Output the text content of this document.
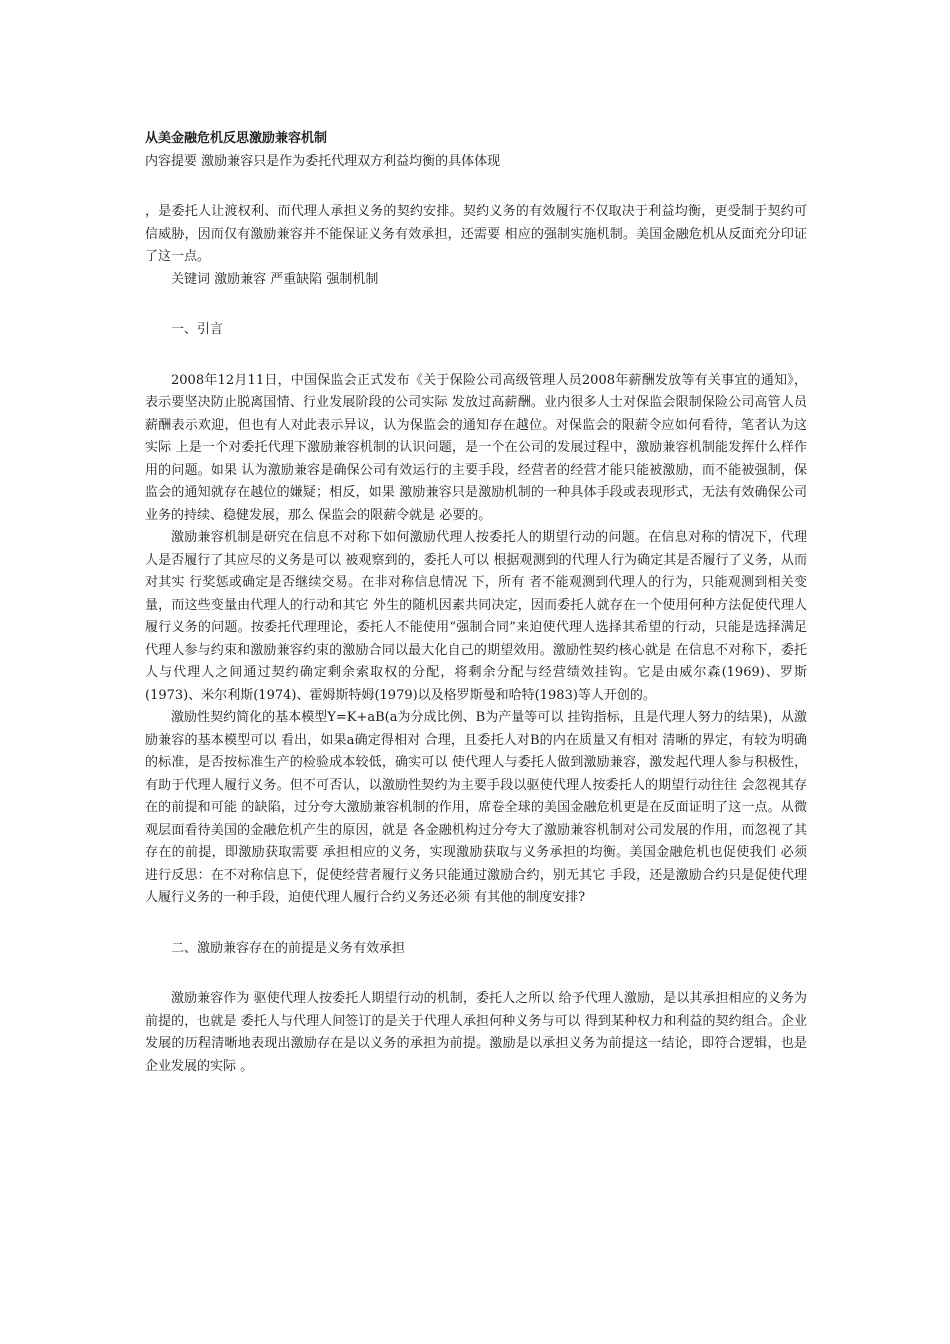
从美金融危机反思激励兼容机制

内容提要 激励兼容只是作为委托代理双方利益均衡的具体体现

，是委托人让渡权利、而代理人承担义务的契约安排。契约义务的有效履行不仅取决于利益均衡，更受制于契约可信威胁，因而仅有激励兼容并不能保证义务有效承担，还需要 相应的强制实施机制。美国金融危机从反面充分印证了这一点。

关键词 激励兼容 严重缺陷 强制机制

一、引言

2008年12月11日，中国保监会正式发布《关于保险公司高级管理人员2008年薪酬发放等有关事宜的通知》，表示要坚决防止脱离国情、行业发展阶段的公司实际 发放过高薪酬。业内很多人士对保监会限制保险公司高管人员薪酬表示欢迎，但也有人对此表示异议，认为保监会的通知存在越位。对保监会的限薪令应如何看待，笔者认为这实际 上是一个对委托代理下激励兼容机制的认识问题，是一个在公司的发展过程中，激励兼容机制能发挥什么样作用的问题。如果 认为激励兼容是确保公司有效运行的主要手段，经营者的经营才能只能被激励，而不能被强制，保监会的通知就存在越位的嫌疑；相反，如果 激励兼容只是激励机制的一种具体手段或表现形式，无法有效确保公司业务的持续、稳健发展，那么 保监会的限薪令就是 必要的。

激励兼容机制是研究在信息不对称下如何激励代理人按委托人的期望行动的问题。在信息对称的情况下，代理人是否履行了其应尽的义务是可以 被观察到的，委托人可以 根据观测到的代理人行为确定其是否履行了义务，从而对其实 行奖惩或确定是否继续交易。在非对称信息情况 下，所有 者不能观测到代理人的行为，只能观测到相关变量，而这些变量由代理人的行动和其它 外生的随机因素共同决定，因而委托人就存在一个使用何种方法促使代理人履行义务的问题。按委托代理理论，委托人不能使用“强制合同”来迫使代理人选择其希望的行动，只能是选择满足代理人参与约束和激励兼容约束的激励合同以最大化自己的期望效用。激励性契约核心就是 在信息不对称下，委托人与代理人之间通过契约确定剩余索取权的分配，将剩余分配与经营绩效挂钩。它是由威尔森(1969)、罗斯(1973)、米尔利斯(1974)、霍姆斯特姆(1979)以及格罗斯曼和哈特(1983)等人开创的。

激励性契约简化的基本模型Y=K+aB(a为分成比例、B为产量等可以 挂钩指标，且是代理人努力的结果)，从激励兼容的基本模型可以 看出，如果a确定得相对 合理，且委托人对B的内在质量又有相对 清晰的界定，有较为明确的标准，是否按标准生产的检验成本较低，确实可以 使代理人与委托人做到激励兼容，激发起代理人参与积极性，有助于代理人履行义务。但不可否认，以激励性契约为主要手段以驱使代理人按委托人的期望行动往往 会忽视其存在的前提和可能 的缺陷，过分夸大激励兼容机制的作用，席卷全球的美国金融危机更是在反面证明了这一点。从微观层面看待美国的金融危机产生的原因，就是 各金融机构过分夸大了激励兼容机制对公司发展的作用，而忽视了其存在的前提，即激励获取需要 承担相应的义务，实现激励获取与义务承担的均衡。美国金融危机也促使我们 必须 进行反思：在不对称信息下，促使经营者履行义务只能通过激励合约，别无其它 手段，还是激励合约只是促使代理人履行义务的一种手段，迫使代理人履行合约义务还必须 有其他的制度安排?

二、激励兼容存在的前提是义务有效承担

激励兼容作为 驱使代理人按委托人期望行动的机制，委托人之所以 给予代理人激励，是以其承担相应的义务为前提的，也就是 委托人与代理人间签订的是关于代理人承担何种义务与可以 得到某种权力和利益的契约组合。企业发展的历程清晰地表现出激励存在是以义务的承担为前提。激励是以承担义务为前提这一结论，即符合逻辑，也是 企业发展的实际 。
